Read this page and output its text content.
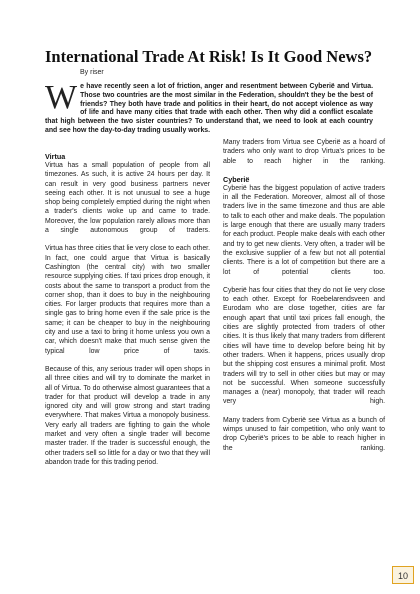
International Trade At Risk! Is It Good News?
By riser

We have recently seen a lot of friction, anger and resentment between Cyberië and Virtua. Those two countries are the most similar in the Federation, shouldn't they be the best of friends? They both have trade and politics in their heart, do not accept violence as way of life and have many cities that trade with each other. Then why did a conflict escalate that high between the two sister countries? To understand that, we need to look at each country and see how the day-to-day trading usually works.

Virtua

Virtua has a small population of people from all timezones. As such, it is active 24 hours per day. It can result in very good business partners never seeing each other. It is not unusual to see a huge shop being completely emptied during the night when a trader's clients woke up and came to trade. Moreover, the low population rarely allows more than a single autonomous group of traders.

Virtua has three cities that lie very close to each other. In fact, one could argue that Virtua is basically Cashington (the central city) with two smaller resource supplying cities. If taxi prices drop enough, it costs about the same to transport a product from the corner shop, than it does to buy in the neighbouring cities. For larger products that requires more than a single gas to bring home even if the sale price is the same; it can be cheaper to buy in the neighbouring city and use a taxi to bring it home unless you own a car, which doesn't make that much sense given the typical low price of taxis.

Because of this, any serious trader will open shops in all three cities and will try to dominate the market in all of Virtua. To do otherwise almost guarantees that a trader for that product will develop a trade in any ignored city and will grow strong and start trading everywhere. That makes Virtua a monopoly business. Very early all traders are fighting to gain the whole market and very often a single trader will become master trader. If the trader is successful enough, the other traders sell so little for a day or two that they will abandon trade for this trading period.

Many traders from Virtua see Cyberië as a hoard of traders who only want to drop Virtua's prices to be able to reach higher in the ranking.

Cyberië

Cyberië has the biggest population of active traders in all the Federation. Moreover, almost all of those traders live in the same timezone and thus are able to talk to each other and make deals. The population is large enough that there are usually many traders for each product. People make deals with each other and try to get new clients. Very often, a trader will be the exclusive supplier of a few but not all potential clients. There is a lot of competition but there are a lot of potential clients too.

Cyberië has four cities that they do not lie very close to each other. Except for Roebelarendsveen and Eurodam who are close together, cities are far enough apart that until taxi prices fall enough, the cities are slightly protected from traders of other cities. It is thus likely that many traders from different cities will have time to develop before being hit by other traders. When it happens, prices usually drop but the shipping cost ensures a minimal profit. Most traders will try to sell in other cities but may or may not be successful. When someone successfully manages a (near) monopoly, that trader will reach very high.

Many traders from Cyberië see Virtua as a bunch of wimps unused to fair competition, who only want to drop Cyberië's prices to be able to reach higher in the ranking.

10
